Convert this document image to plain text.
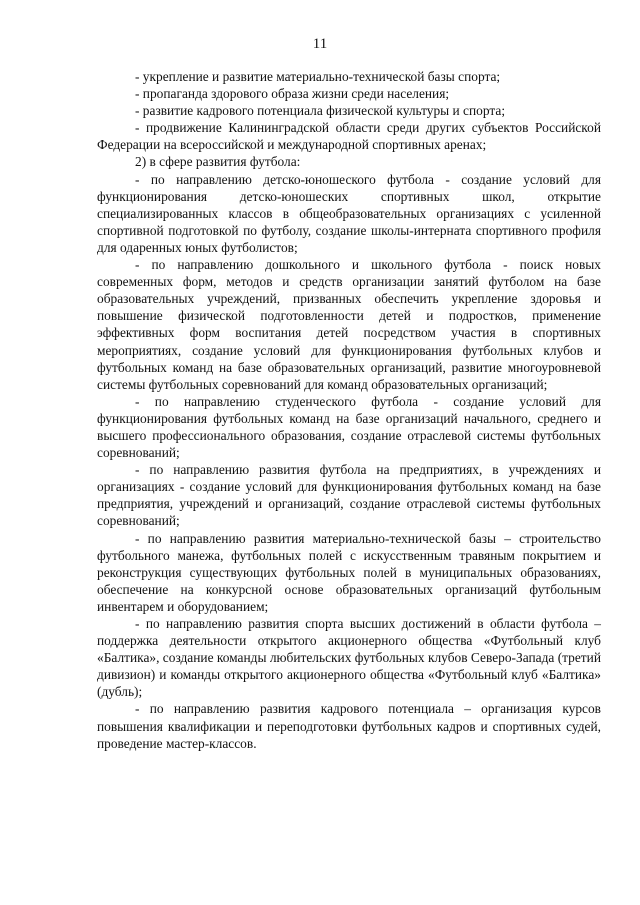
11

- укрепление и развитие материально-технической базы спорта;

- пропаганда здорового образа жизни среди населения;

- развитие кадрового потенциала физической культуры и спорта;

- продвижение Калининградской области среди других субъектов Российской Федерации на всероссийской и международной спортивных аренах;

2) в сфере развития футбола:

- по направлению детско-юношеского футбола - создание условий для функционирования детско-юношеских спортивных школ, открытие специализированных классов в общеобразовательных организациях с усиленной спортивной подготовкой по футболу, создание школы-интерната спортивного профиля для одаренных юных футболистов;

- по направлению дошкольного и школьного футбола - поиск новых современных форм, методов и средств организации занятий футболом на базе образовательных учреждений, призванных обеспечить укрепление здоровья и повышение физической подготовленности детей и подростков, применение эффективных форм воспитания детей посредством участия в спортивных мероприятиях, создание условий для функционирования футбольных клубов и футбольных команд на базе образовательных организаций, развитие многоуровневой системы футбольных соревнований для команд образовательных организаций;

- по направлению студенческого футбола - создание условий для функционирования футбольных команд на базе организаций начального, среднего и высшего профессионального образования, создание отраслевой системы футбольных соревнований;

- по направлению развития футбола на предприятиях, в учреждениях и организациях - создание условий для функционирования футбольных команд на базе предприятия, учреждений и организаций, создание отраслевой системы футбольных соревнований;

- по направлению развития материально-технической базы – строительство футбольного манежа, футбольных полей с искусственным травяным покрытием и реконструкция существующих футбольных полей в муниципальных образованиях, обеспечение на конкурсной основе образовательных организаций футбольным инвентарем и оборудованием;

- по направлению развития спорта высших достижений в области футбола – поддержка деятельности открытого акционерного общества «Футбольный клуб «Балтика», создание команды любительских футбольных клубов Северо-Запада (третий дивизион) и команды открытого акционерного общества «Футбольный клуб «Балтика» (дубль);

- по направлению развития кадрового потенциала – организация курсов повышения квалификации и переподготовки футбольных кадров и спортивных судей, проведение мастер-классов.
